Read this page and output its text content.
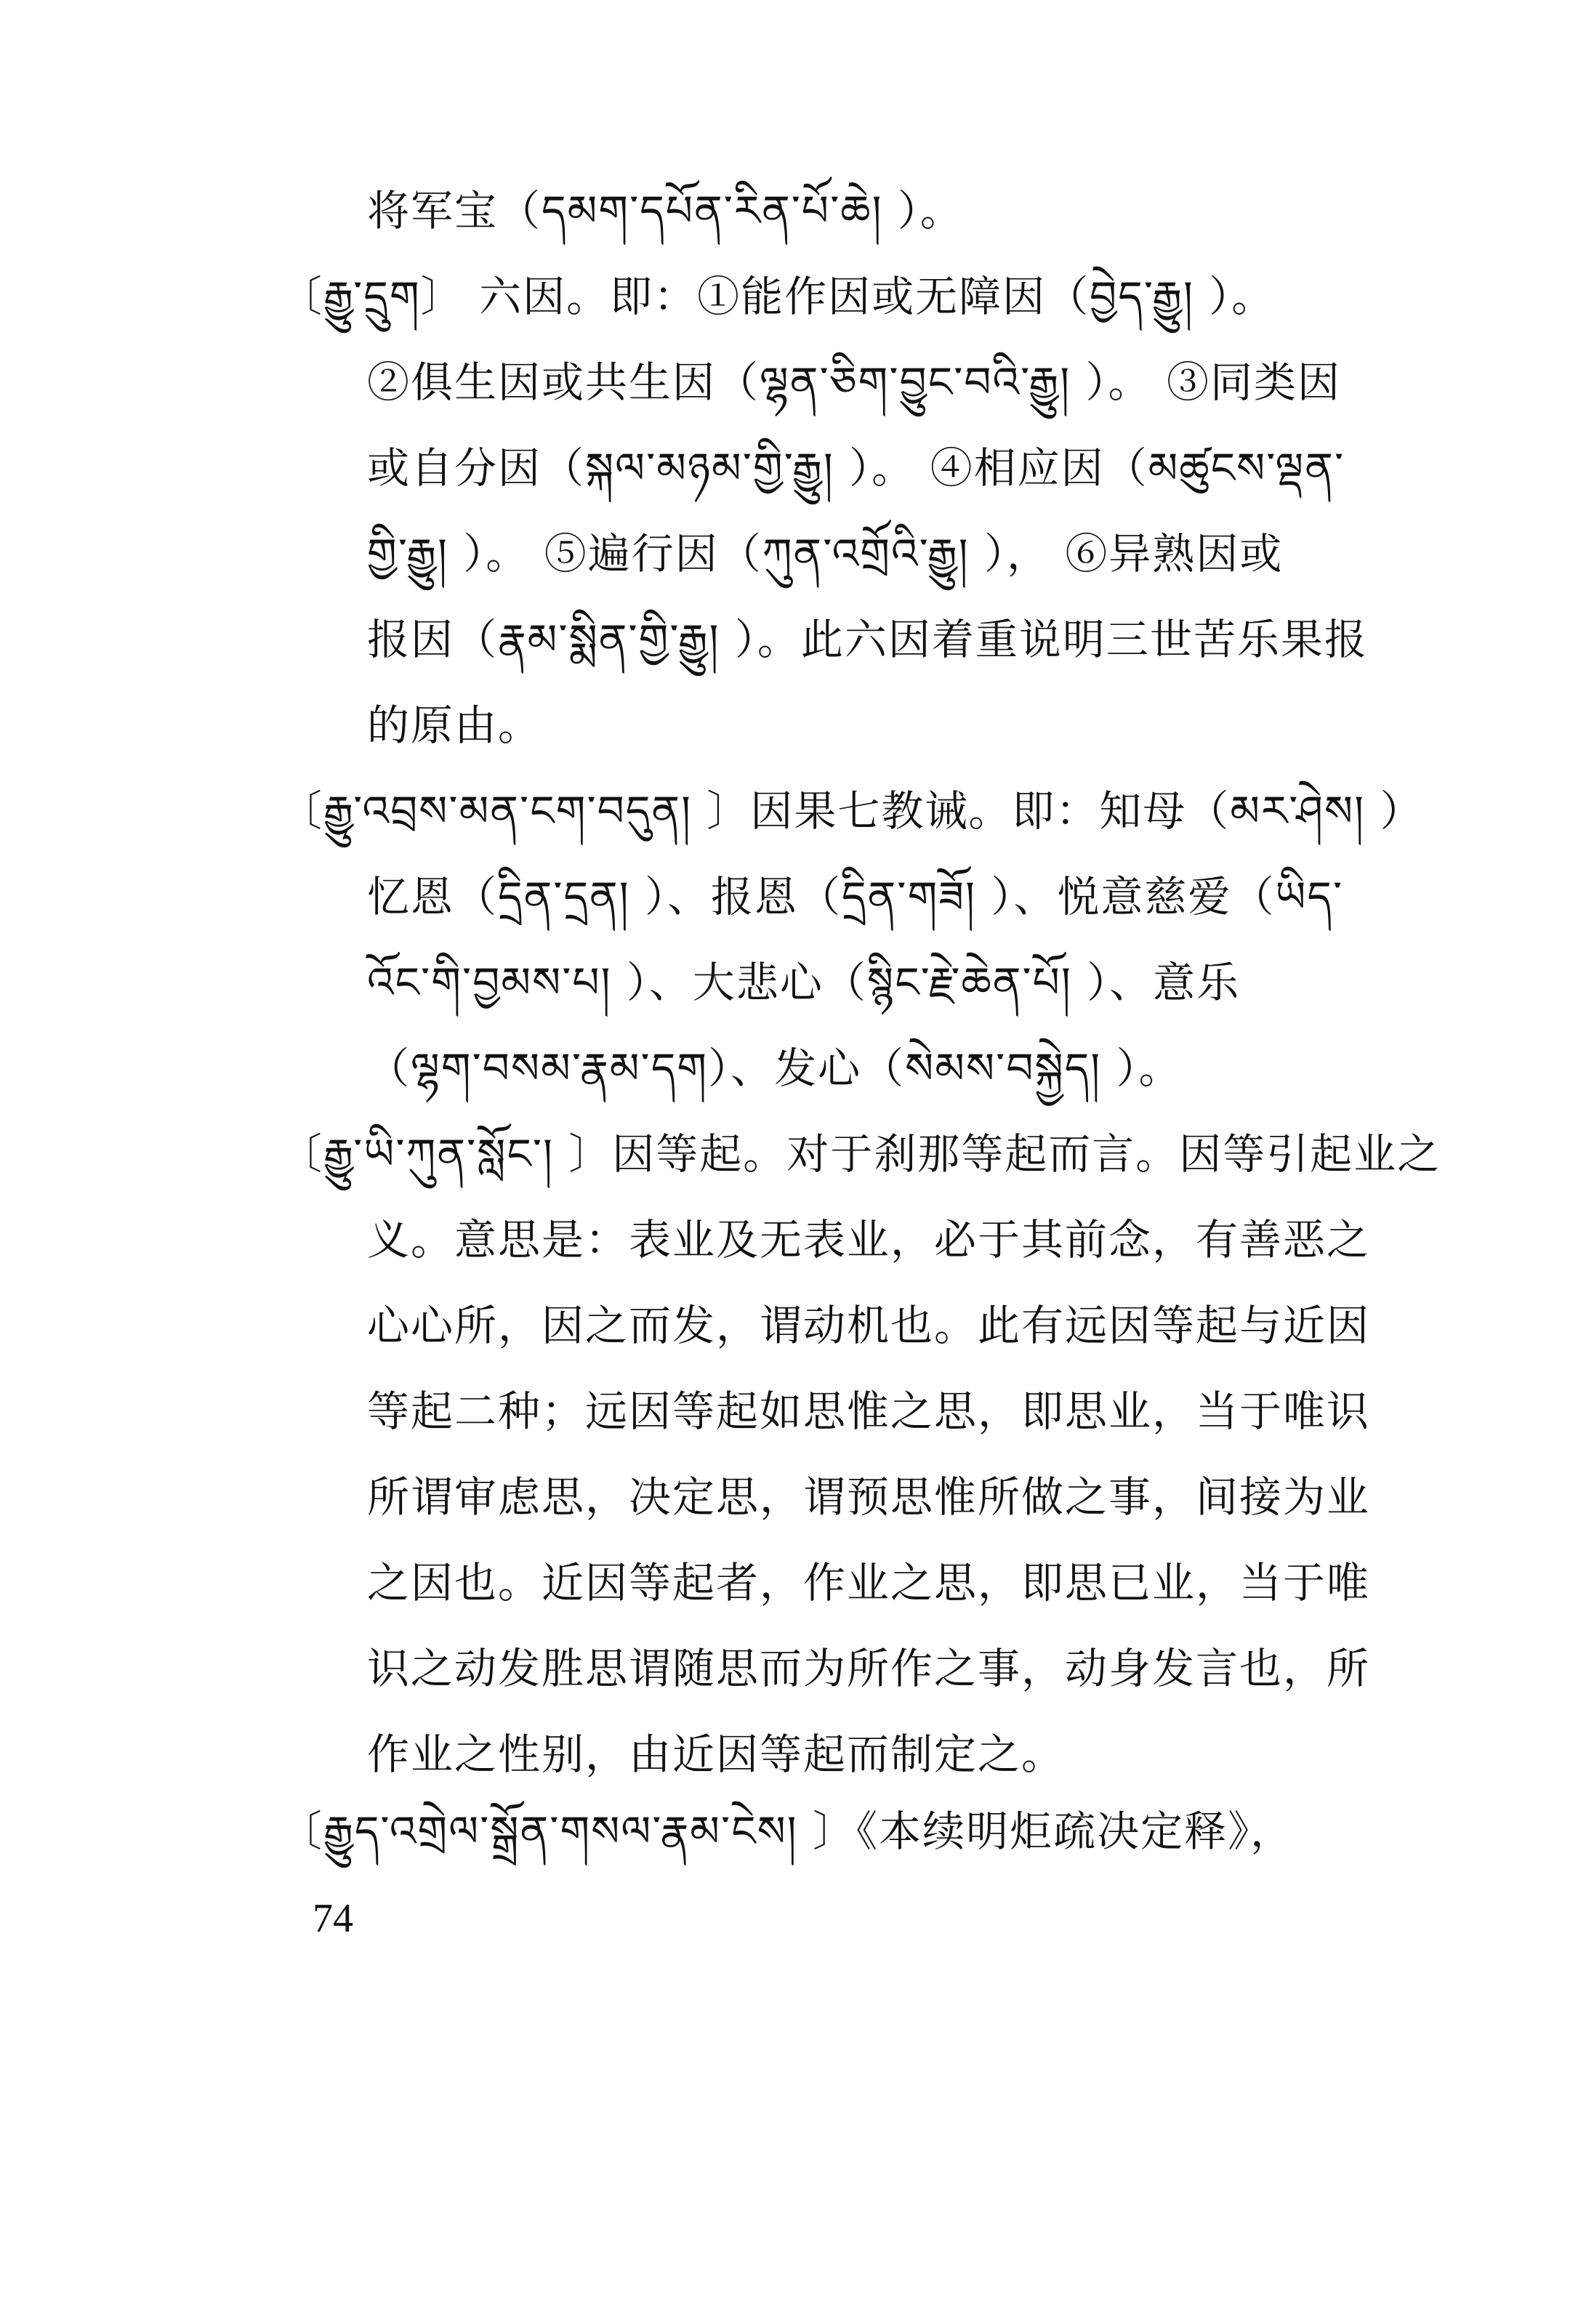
将军宝（དམག་དཔོན་རིན་པོ་ཆེ། ）。
〔རྒྱུ་དྲུག〕 六因。即：①能作因或无障因（བྱེད་རྒྱུ། ）。
②俱生因或共生因（ལྷན་ཅིག་བྱུང་བའི་རྒྱུ། ）。 ③同类因
或自分因（སྐལ་མཉམ་གྱི་རྒྱུ། ）。 ④相应因（མཚུངས་ལྡན་
གྱི་རྒྱུ། ）。 ⑤遍行因（ཀུན་འགྲོའི་རྒྱུ། ）， ⑥异熟因或
报因（རྣམ་སྨིན་གྱི་རྒྱུ། ）。此六因着重说明三世苦乐果报
的原由。
〔རྒྱུ་འབྲས་མན་ངག་བདུན། 〕因果七教诫。即：知母（མར་ཤེས། ）
忆恩（དྲིན་དྲན། ）、报恩（དྲིན་གཟོ། ）、悦意慈爱（ཡིད་
འོང་གི་བྱམས་པ། ）、大悲心（སྙིང་རྗེ་ཆེན་པོ། ）、意乐
（ལྷག་བསམ་རྣམ་དག）、发心（སེམས་བསྐྱེད། ）。
〔རྒྱུ་ཡི་ཀུན་སློང་། 〕因等起。对于刹那等起而言。因等引起业之
义。意思是：表业及无表业，必于其前念，有善恶之
心心所，因之而发，谓动机也。此有远因等起与近因
等起二种；远因等起如思惟之思，即思业，当于唯识
所谓审虑思，决定思，谓预思惟所做之事，间接为业
之因也。近因等起者，作业之思，即思已业，当于唯
识之动发胜思谓随思而为所作之事，动身发言也，所
作业之性别，由近因等起而制定之。
〔རྒྱུད་འགྲེལ་སྒྲོན་གསལ་རྣམ་ངེས། 〕《本续明炬疏决定释》，
74
